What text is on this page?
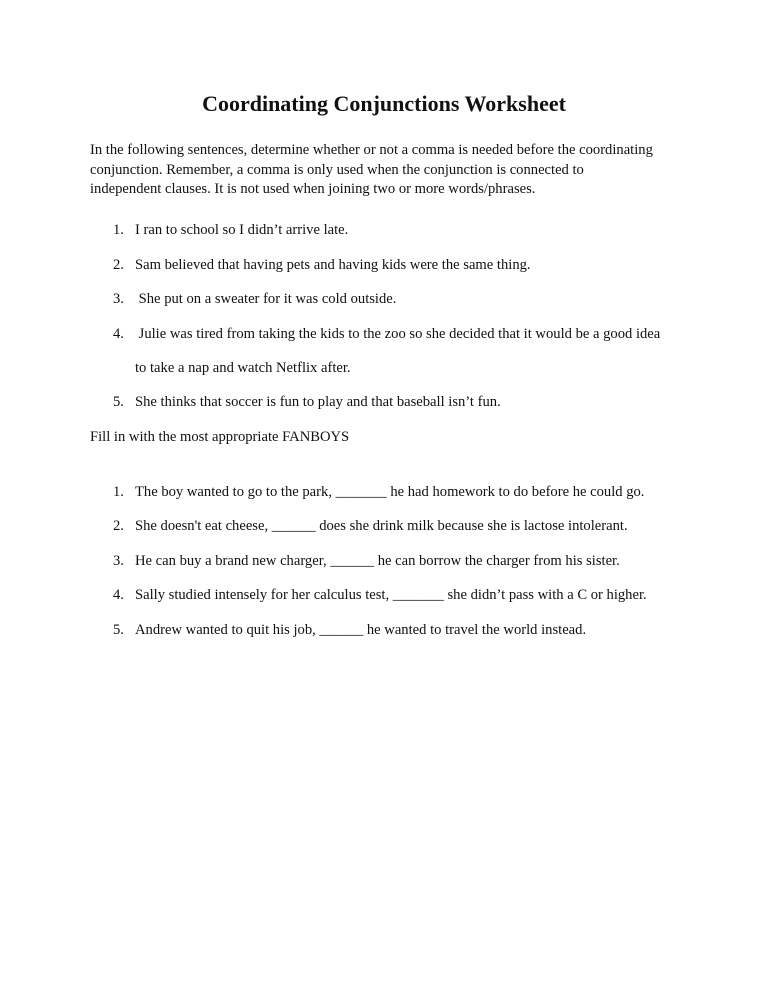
Coordinating Conjunctions Worksheet

In the following sentences, determine whether or not a comma is needed before the coordinating
conjunction. Remember, a comma is only used when the conjunction is connected to
independent clauses. It is not used when joining two or more words/phrases.

1. I ran to school so I didn’t arrive late.
2. Sam believed that having pets and having kids were the same thing.
3. She put on a sweater for it was cold outside.
4. Julie was tired from taking the kids to the zoo so she decided that it would be a good idea
to take a nap and watch Netflix after.
5. She thinks that soccer is fun to play and that baseball isn’t fun.
Fill in with the most appropriate FANBOYS
1. The boy wanted to go to the park, _______ he had homework to do before he could go.
2. She doesn't eat cheese, ______ does she drink milk because she is lactose intolerant.
3. He can buy a brand new charger, ______ he can borrow the charger from his sister.
4. Sally studied intensely for her calculus test, _______ she didn’t pass with a C or higher.
5. Andrew wanted to quit his job, ______ he wanted to travel the world instead.
